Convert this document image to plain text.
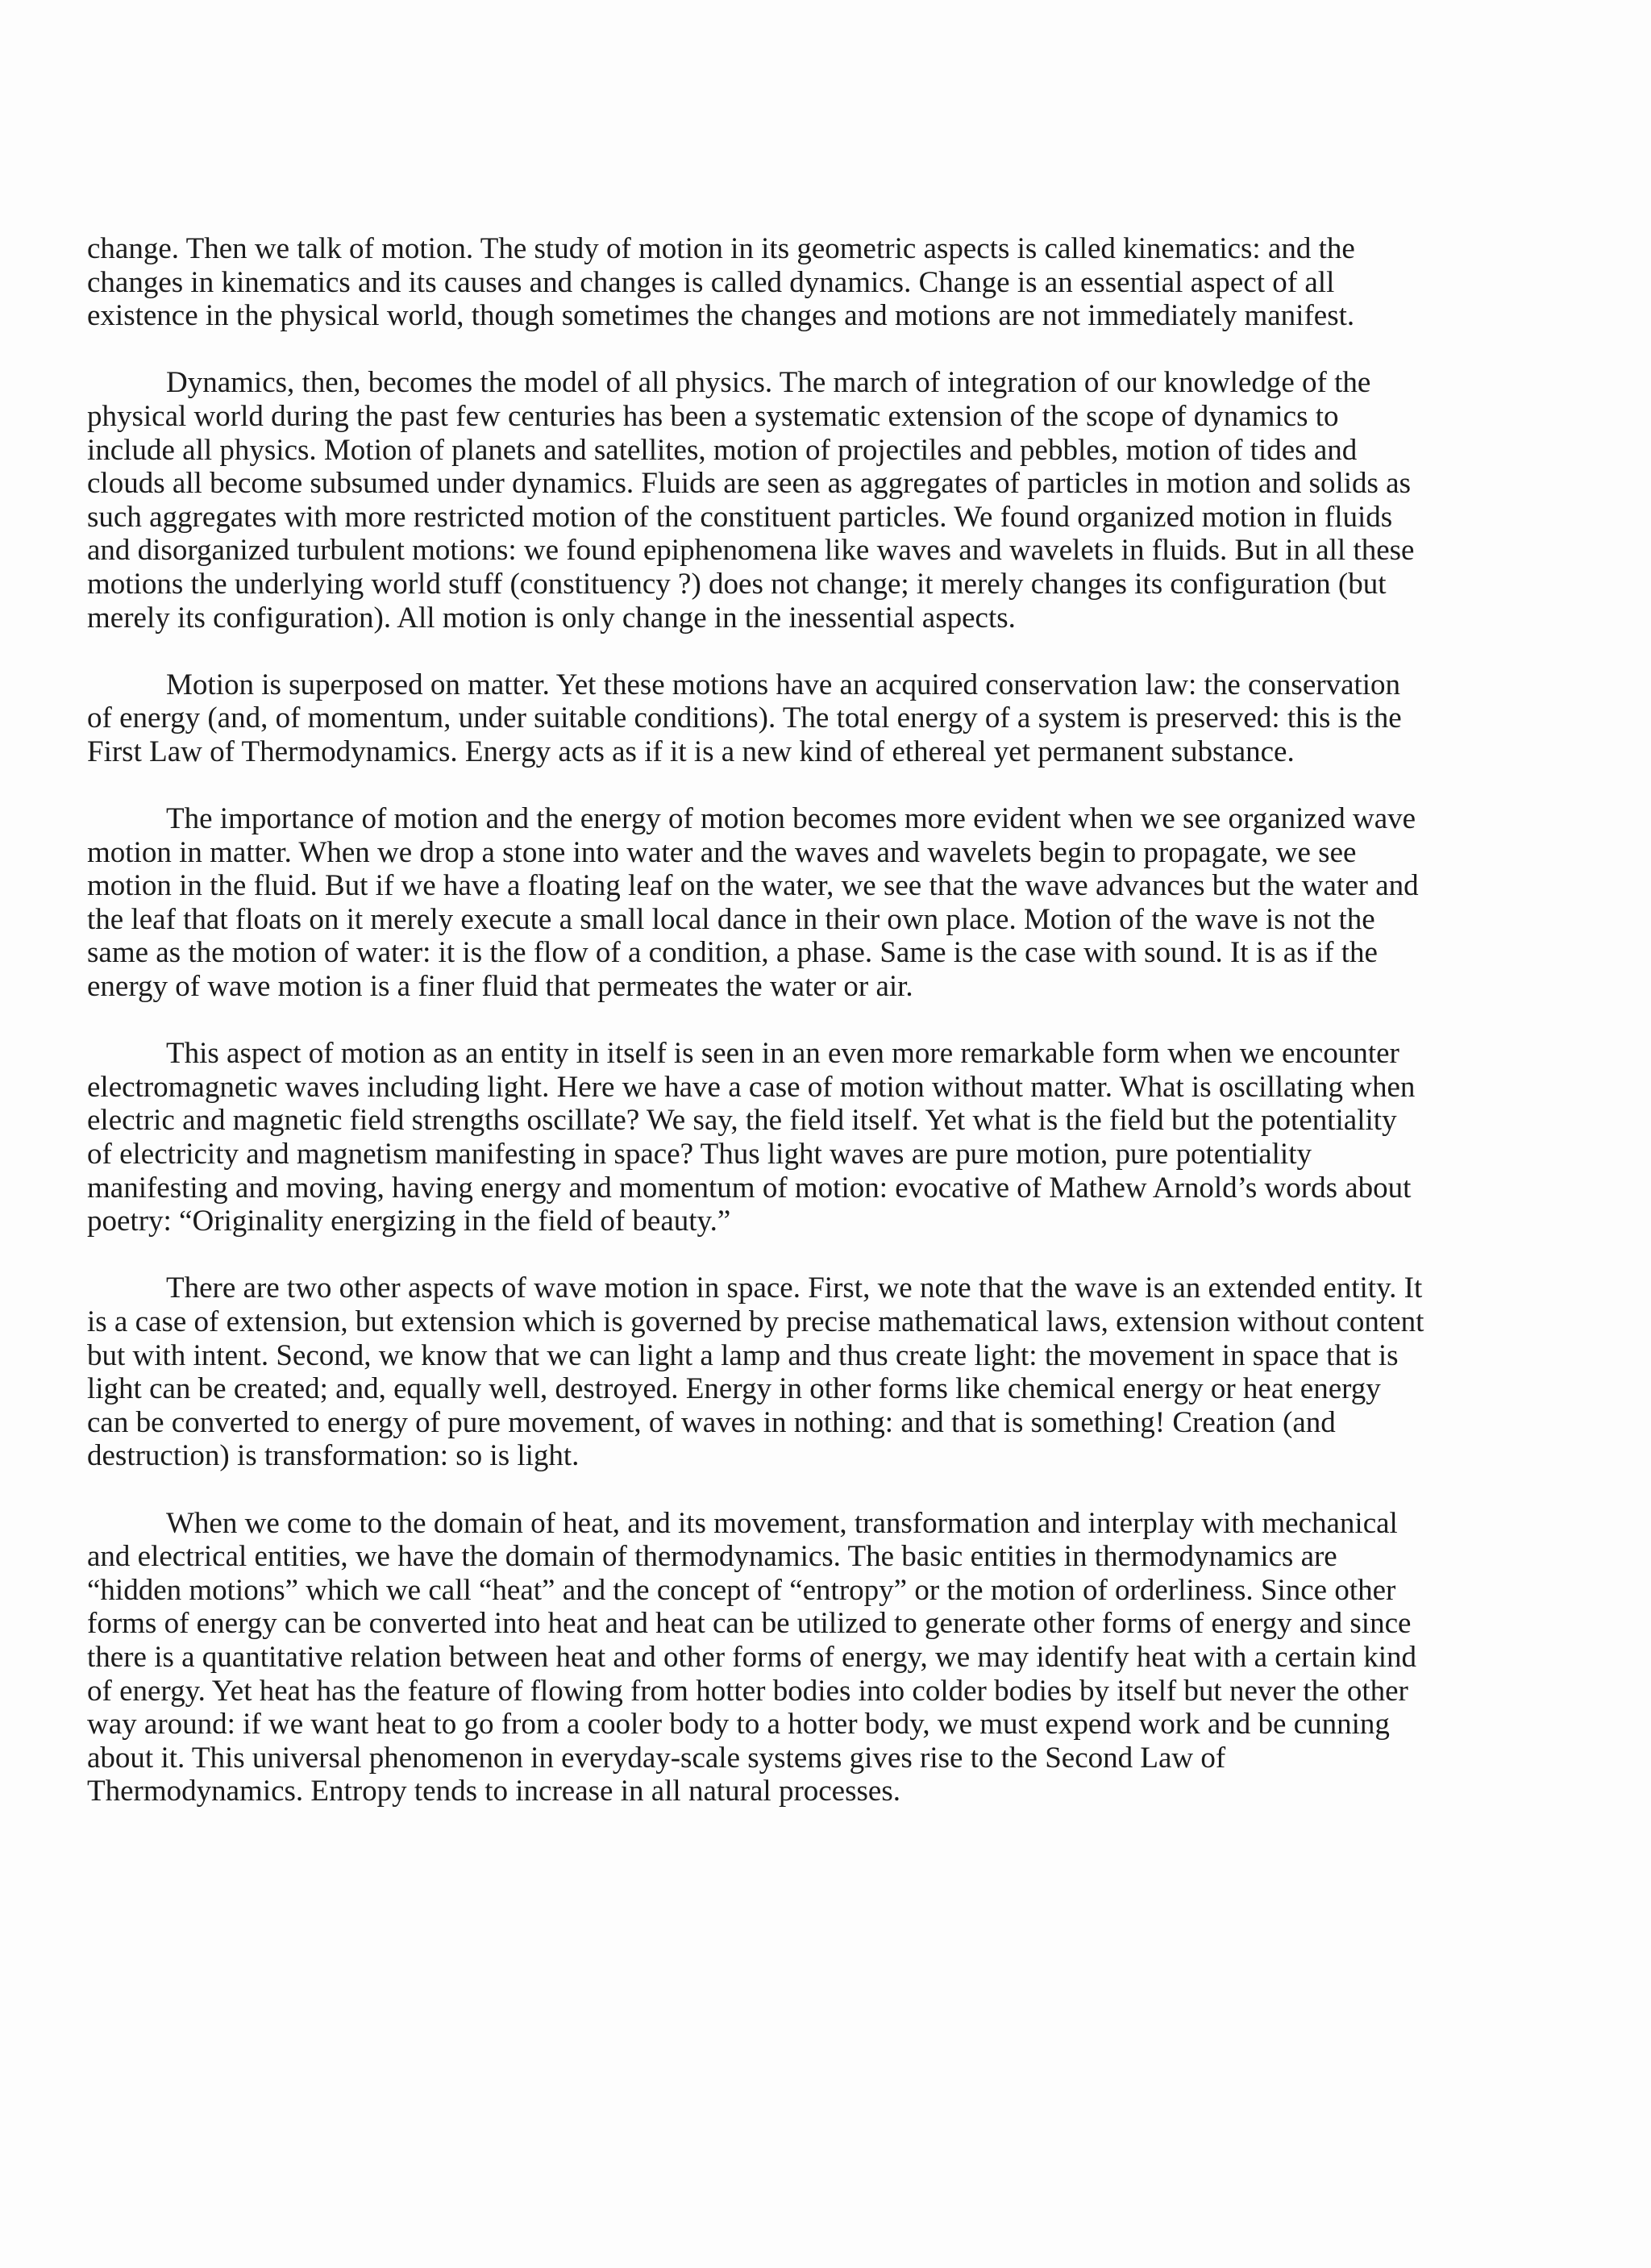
change. Then we talk of motion. The study of motion in its geometric aspects is called kinematics: and the changes in kinematics and its causes and changes is called dynamics. Change is an essential aspect of all existence in the physical world, though sometimes the changes and motions are not immediately manifest.

Dynamics, then, becomes the model of all physics. The march of integration of our knowledge of the physical world during the past few centuries has been a systematic extension of the scope of dynamics to include all physics. Motion of planets and satellites, motion of projectiles and pebbles, motion of tides and clouds all become subsumed under dynamics. Fluids are seen as aggregates of particles in motion and solids as such aggregates with more restricted motion of the constituent particles. We found organized motion in fluids and disorganized turbulent motions: we found epiphenomena like waves and wavelets in fluids. But in all these motions the underlying world stuff (constituency ?) does not change; it merely changes its configuration (but merely its configuration). All motion is only change in the inessential aspects.

Motion is superposed on matter. Yet these motions have an acquired conservation law: the conservation of energy (and, of momentum, under suitable conditions). The total energy of a system is preserved: this is the First Law of Thermodynamics. Energy acts as if it is a new kind of ethereal yet permanent substance.

The importance of motion and the energy of motion becomes more evident when we see organized wave motion in matter. When we drop a stone into water and the waves and wavelets begin to propagate, we see motion in the fluid. But if we have a floating leaf on the water, we see that the wave advances but the water and the leaf that floats on it merely execute a small local dance in their own place. Motion of the wave is not the same as the motion of water: it is the flow of a condition, a phase. Same is the case with sound. It is as if the energy of wave motion is a finer fluid that permeates the water or air.

This aspect of motion as an entity in itself is seen in an even more remarkable form when we encounter electromagnetic waves including light. Here we have a case of motion without matter. What is oscillating when electric and magnetic field strengths oscillate? We say, the field itself. Yet what is the field but the potentiality of electricity and magnetism manifesting in space? Thus light waves are pure motion, pure potentiality manifesting and moving, having energy and momentum of motion: evocative of Mathew Arnold’s words about poetry: “Originality energizing in the field of beauty.”

There are two other aspects of wave motion in space. First, we note that the wave is an extended entity. It is a case of extension, but extension which is governed by precise mathematical laws, extension without content but with intent. Second, we know that we can light a lamp and thus create light: the movement in space that is light can be created; and, equally well, destroyed. Energy in other forms like chemical energy or heat energy can be converted to energy of pure movement, of waves in nothing: and that is something! Creation (and destruction) is transformation: so is light.

When we come to the domain of heat, and its movement, transformation and interplay with mechanical and electrical entities, we have the domain of thermodynamics. The basic entities in thermodynamics are “hidden motions” which we call “heat” and the concept of “entropy” or the motion of orderliness. Since other forms of energy can be converted into heat and heat can be utilized to generate other forms of energy and since there is a quantitative relation between heat and other forms of energy, we may identify heat with a certain kind of energy. Yet heat has the feature of flowing from hotter bodies into colder bodies by itself but never the other way around: if we want heat to go from a cooler body to a hotter body, we must expend work and be cunning about it. This universal phenomenon in everyday-scale systems gives rise to the Second Law of Thermodynamics. Entropy tends to increase in all natural processes.
